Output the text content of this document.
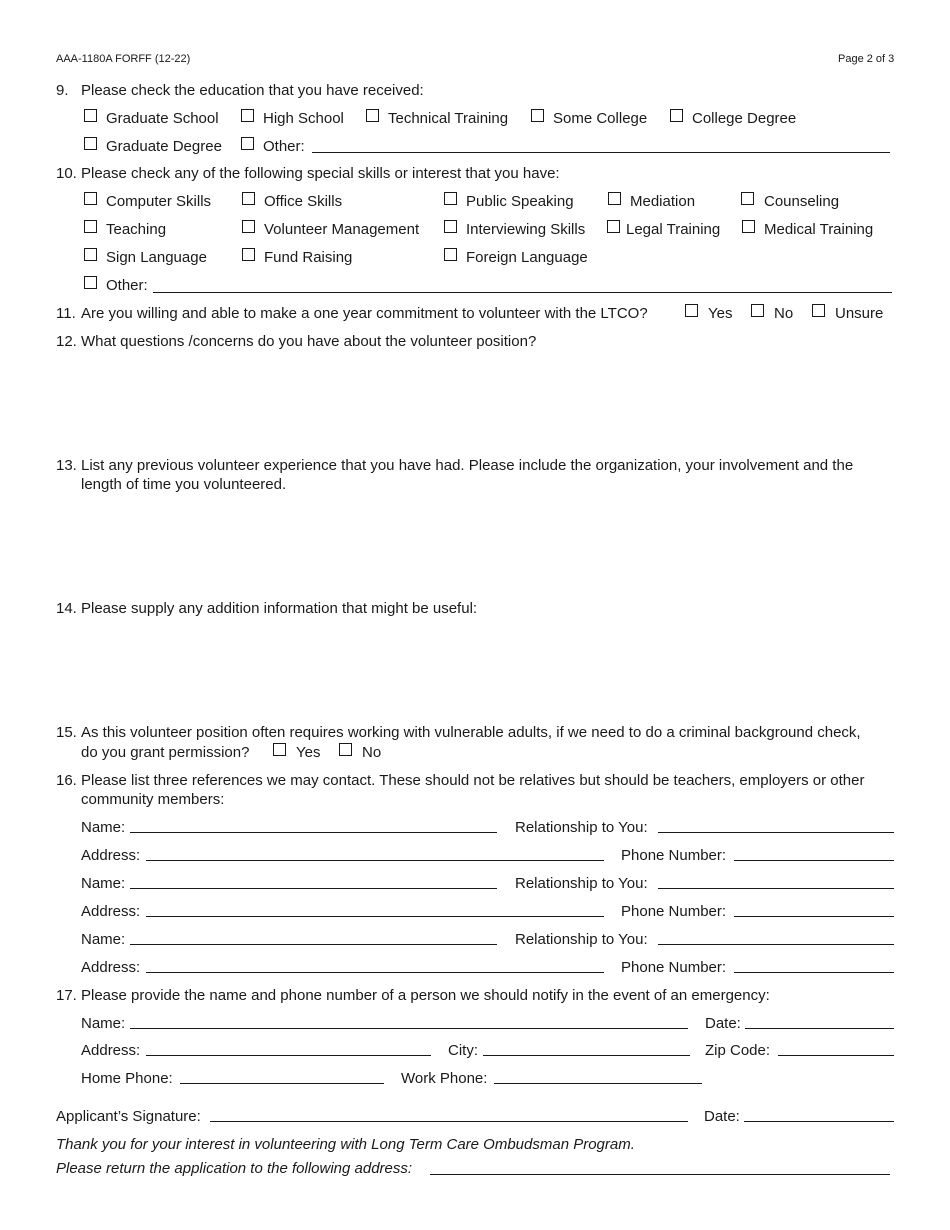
AAA-1180A FORFF (12-22)	Page 2 of 3
9. Please check the education that you have received:
Graduate School	High School	Technical Training	Some College	College Degree
Graduate Degree	Other:
10. Please check any of the following special skills or interest that you have:
Computer Skills	Office Skills	Public Speaking	Mediation	Counseling
Teaching	Volunteer Management	Interviewing Skills	Legal Training	Medical Training
Sign Language	Fund Raising	Foreign Language
Other:
11. Are you willing and able to make a one year commitment to volunteer with the LTCO?	Yes	No	Unsure
12. What questions /concerns do you have about the volunteer position?
13. List any previous volunteer experience that you have had. Please include the organization, your involvement and the
length of time you volunteered.
14. Please supply any addition information that might be useful:
15. As this volunteer position often requires working with vulnerable adults, if we need to do a criminal background check,
do you grant permission?	Yes	No
16. Please list three references we may contact. These should not be relatives but should be teachers, employers or other
community members:
Name:	Relationship to You:
Address:	Phone Number:
Name:	Relationship to You:
Address:	Phone Number:
Name:	Relationship to You:
Address:	Phone Number:
17. Please provide the name and phone number of a person we should notify in the event of an emergency:
Name:	Date:
Address:	City:	Zip Code:
Home Phone:	Work Phone:
Applicant’s Signature:	Date:
Thank you for your interest in volunteering with Long Term Care Ombudsman Program.
Please return the application to the following address:
